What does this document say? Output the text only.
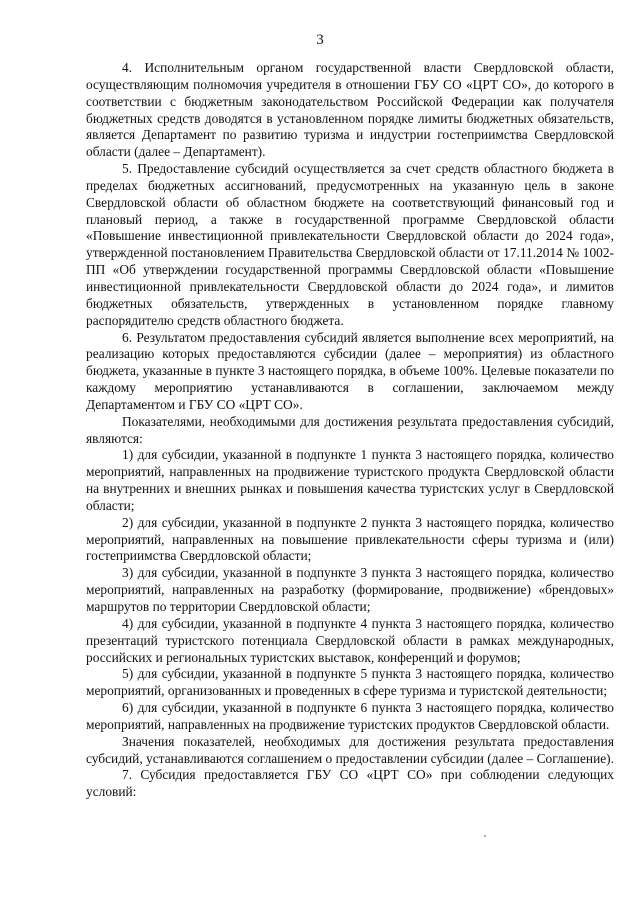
3

4. Исполнительным органом государственной власти Свердловской области, осуществляющим полномочия учредителя в отношении ГБУ СО «ЦРТ СО», до которого в соответствии с бюджетным законодательством Российской Федерации как получателя бюджетных средств доводятся в установленном порядке лимиты бюджетных обязательств, является Департамент по развитию туризма и индустрии гостеприимства Свердловской области (далее – Департамент).

5. Предоставление субсидий осуществляется за счет средств областного бюджета в пределах бюджетных ассигнований, предусмотренных на указанную цель в законе Свердловской области об областном бюджете на соответствующий финансовый год и плановый период, а также в государственной программе Свердловской области «Повышение инвестиционной привлекательности Свердловской области до 2024 года», утвержденной постановлением Правительства Свердловской области от 17.11.2014 № 1002-ПП «Об утверждении государственной программы Свердловской области «Повышение инвестиционной привлекательности Свердловской области до 2024 года», и лимитов бюджетных обязательств, утвержденных в установленном порядке главному распорядителю средств областного бюджета.

6. Результатом предоставления субсидий является выполнение всех мероприятий, на реализацию которых предоставляются субсидии (далее – мероприятия) из областного бюджета, указанные в пункте 3 настоящего порядка, в объеме 100%. Целевые показатели по каждому мероприятию устанавливаются в соглашении, заключаемом между Департаментом и ГБУ СО «ЦРТ СО».

Показателями, необходимыми для достижения результата предоставления субсидий, являются:

1) для субсидии, указанной в подпункте 1 пункта 3 настоящего порядка, количество мероприятий, направленных на продвижение туристского продукта Свердловской области на внутренних и внешних рынках и повышения качества туристских услуг в Свердловской области;

2) для субсидии, указанной в подпункте 2 пункта 3 настоящего порядка, количество мероприятий, направленных на повышение привлекательности сферы туризма и (или) гостеприимства Свердловской области;

3) для субсидии, указанной в подпункте 3 пункта 3 настоящего порядка, количество мероприятий, направленных на разработку (формирование, продвижение) «брендовых» маршрутов по территории Свердловской области;

4) для субсидии, указанной в подпункте 4 пункта 3 настоящего порядка, количество презентаций туристского потенциала Свердловской области в рамках международных, российских и региональных туристских выставок, конференций и форумов;

5) для субсидии, указанной в подпункте 5 пункта 3 настоящего порядка, количество мероприятий, организованных и проведенных в сфере туризма и туристской деятельности;

6) для субсидии, указанной в подпункте 6 пункта 3 настоящего порядка, количество мероприятий, направленных на продвижение туристских продуктов Свердловской области.

Значения показателей, необходимых для достижения результата предоставления субсидий, устанавливаются соглашением о предоставлении субсидии (далее – Соглашение).

7. Субсидия предоставляется ГБУ СО «ЦРТ СО» при соблюдении следующих условий:
